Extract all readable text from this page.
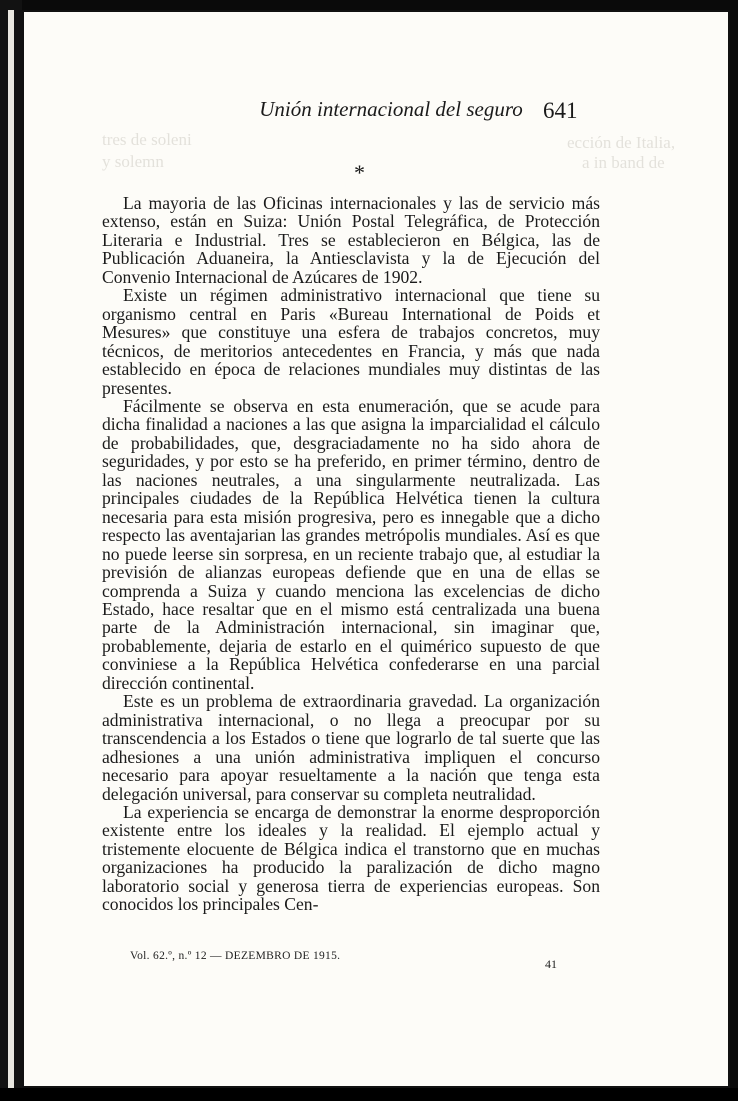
Unión internacional del seguro 641
tres de soleni
y solemn
ección de Italia,
a in band de
*

La mayoria de las Oficinas internacionales y las de servicio más extenso, están en Suiza: Unión Postal Telegráfica, de Protección Literaria e Industrial. Tres se establecieron en Bélgica, las de Publicación Aduaneira, la Antiesclavista y la de Ejecución del Convenio Internacional de Azúcares de 1902.

Existe un régimen administrativo internacional que tiene su organismo central en Paris «Bureau International de Poids et Mesures» que constituye una esfera de trabajos concretos, muy técnicos, de meritorios antecedentes en Francia, y más que nada establecido en época de relaciones mundiales muy distintas de las presentes.

Fácilmente se observa en esta enumeración, que se acude para dicha finalidad a naciones a las que asigna la imparcialidad el cálculo de probabilidades, que, desgraciadamente no ha sido ahora de seguridades, y por esto se ha preferido, en primer término, dentro de las naciones neutrales, a una singularmente neutralizada. Las principales ciudades de la República Helvética tienen la cultura necesaria para esta misión progresiva, pero es innegable que a dicho respecto las aventajarian las grandes metrópolis mundiales. Así es que no puede leerse sin sorpresa, en un reciente trabajo que, al estudiar la previsión de alianzas europeas defiende que en una de ellas se comprenda a Suiza y cuando menciona las excelencias de dicho Estado, hace resaltar que en el mismo está centralizada una buena parte de la Administración internacional, sin imaginar que, probablemente, dejaria de estarlo en el quimérico supuesto de que conviniese a la República Helvética confederarse en una parcial dirección continental.

Este es un problema de extraordinaria gravedad. La organización administrativa internacional, o no llega a preocupar por su transcendencia a los Estados o tiene que lograrlo de tal suerte que las adhesiones a una unión administrativa impliquen el concurso necesario para apoyar resueltamente a la nación que tenga esta delegación universal, para conservar su completa neutralidad.

La experiencia se encarga de demonstrar la enorme desproporción existente entre los ideales y la realidad. El ejemplo actual y tristemente elocuente de Bélgica indica el transtorno que en muchas organizaciones ha producido la paralización de dicho magno laboratorio social y generosa tierra de experiencias europeas. Son conocidos los principales Cen-

Vol. 62.º, n.º 12 — DEZEMBRO DE 1915.
41
